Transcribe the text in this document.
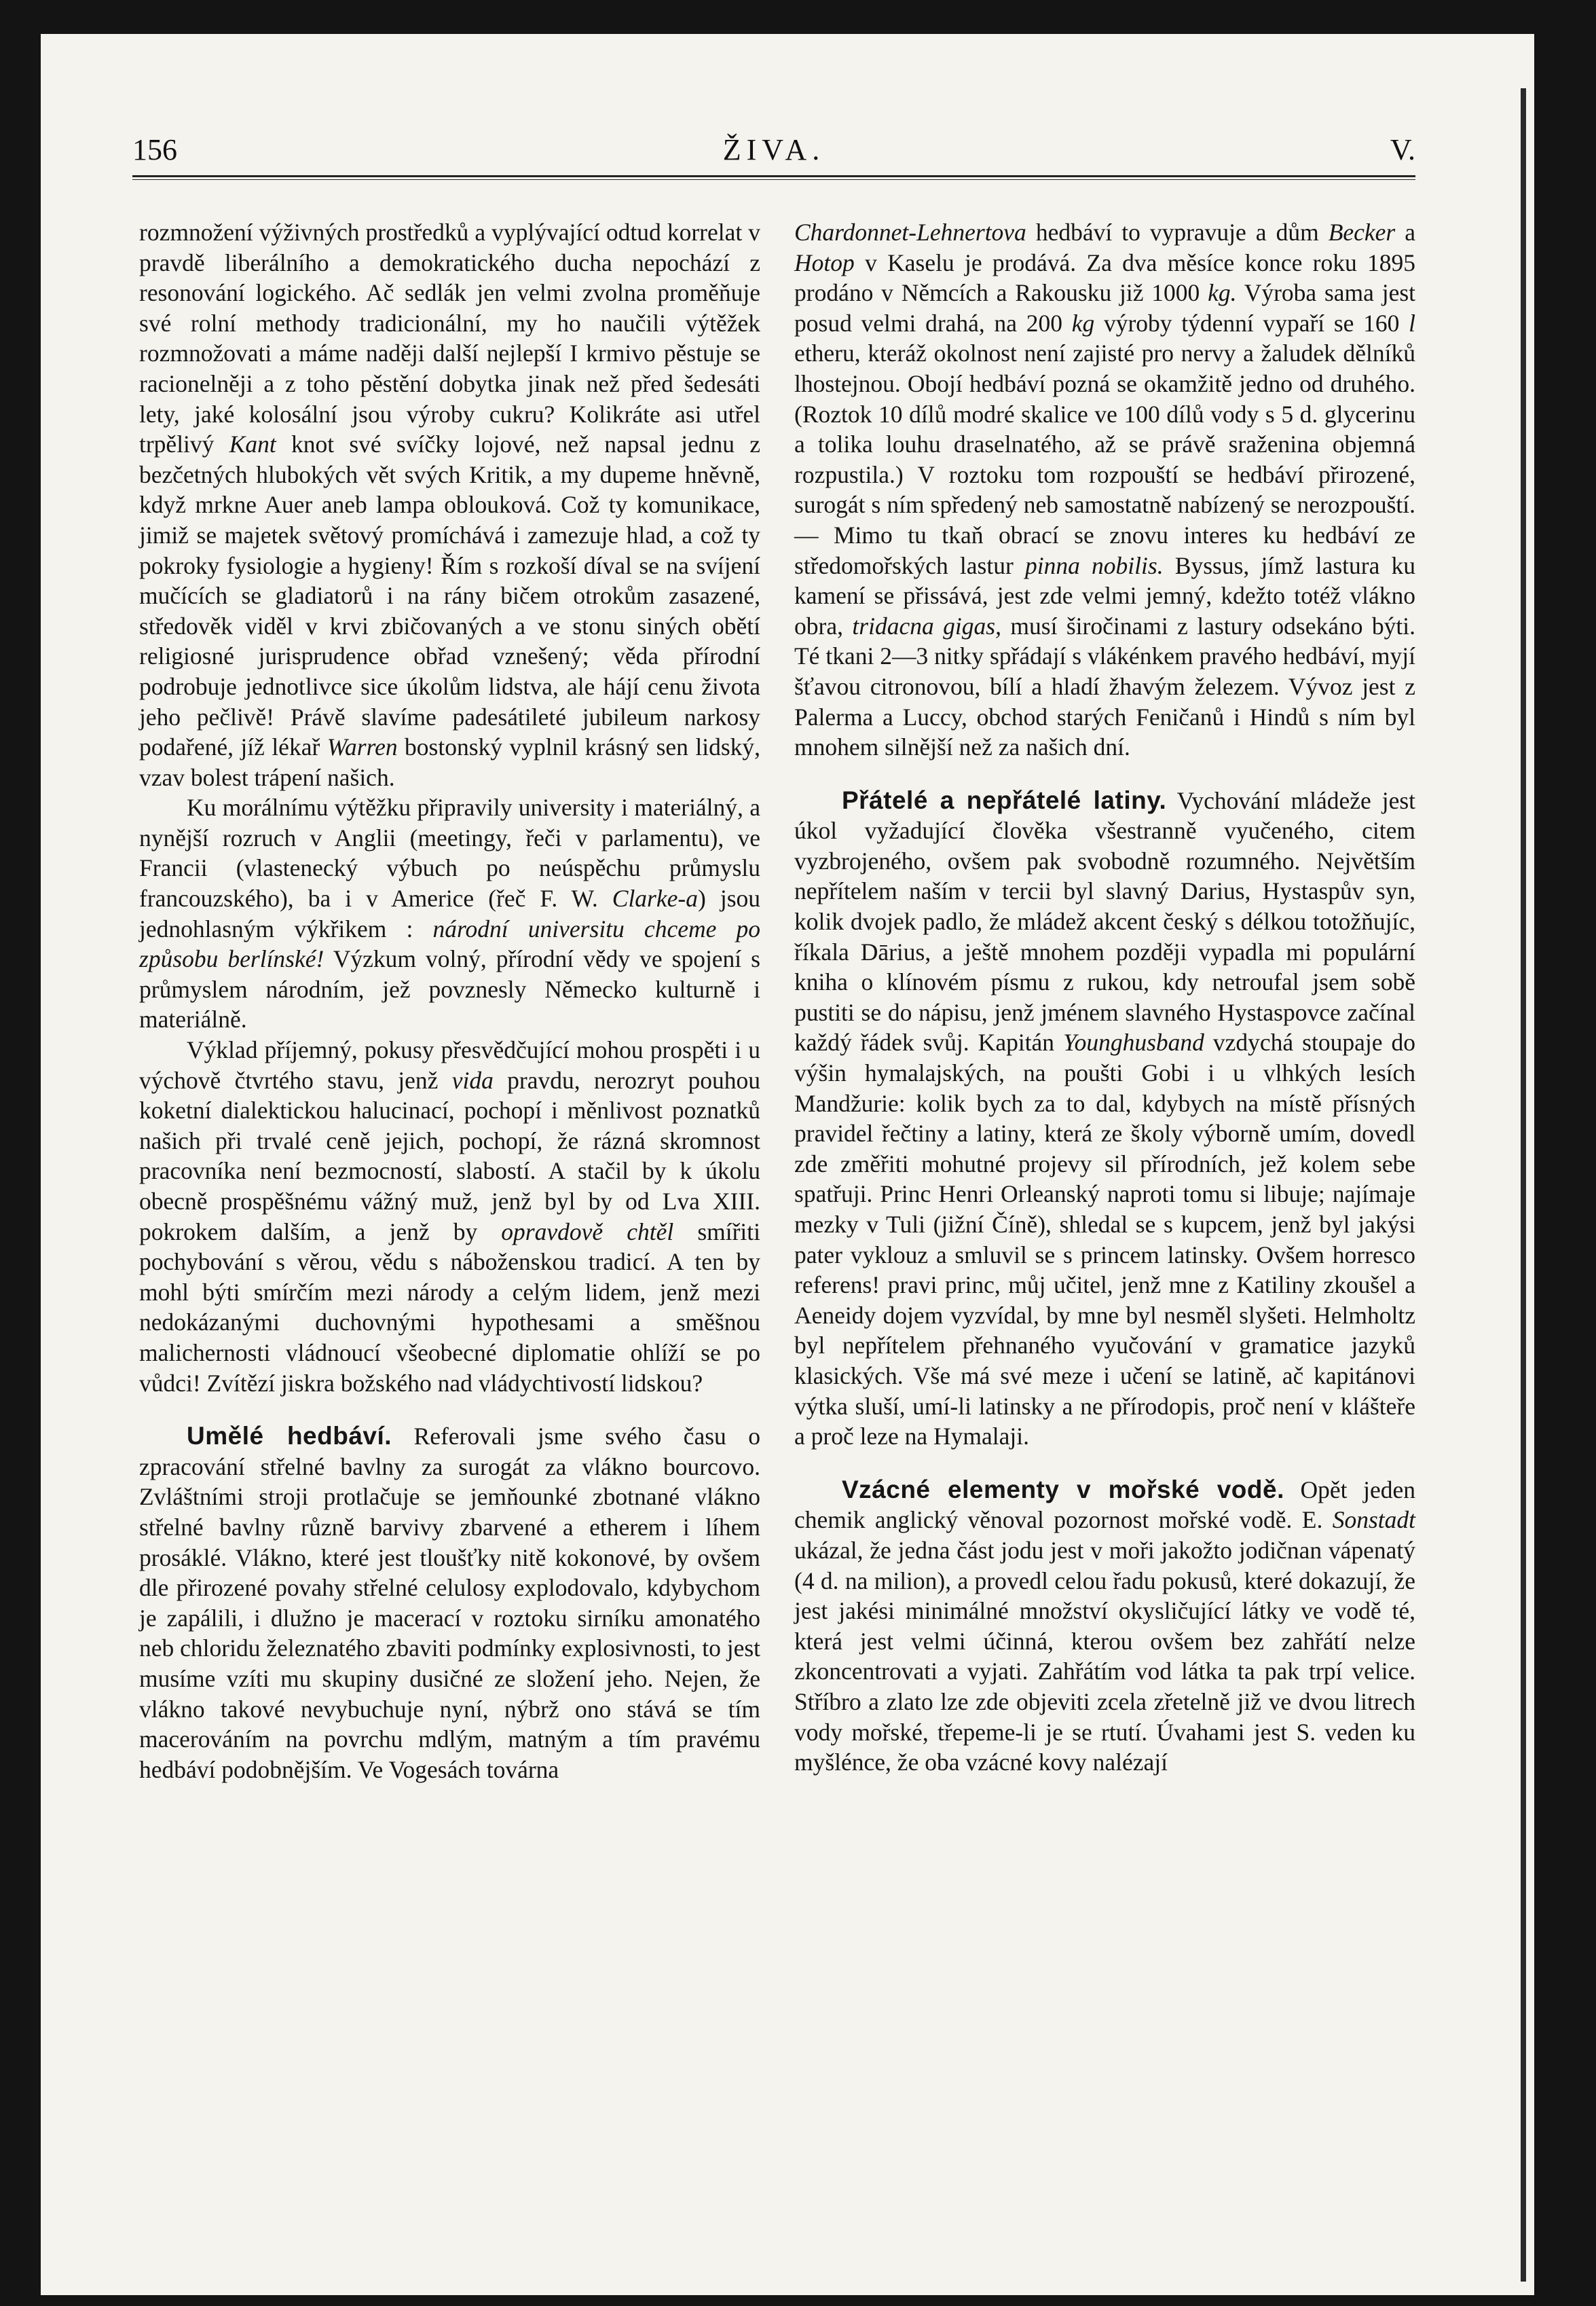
156	ŽIVA.	V.

rozmnožení výživných prostředků a vyplývající odtud korrelat v pravdě liberálního a demokratického ducha nepochází z resonování logického. Ač sedlák jen velmi zvolna proměňuje své rolní methody tradicionální, my ho naučili výtěžek rozmnožovati a máme naději další nejlepší I krmivo pěstuje se racionelněji a z toho pěstění dobytka jinak než před šedesáti lety, jaké kolosální jsou výroby cukru? Kolikráte asi utřel trpělivý Kant knot své svíčky lojové, než napsal jednu z bezčetných hlubokých vět svých Kritik, a my dupeme hněvně, když mrkne Auer aneb lampa oblouková. Což ty komunikace, jimiž se majetek světový promíchává i zamezuje hlad, a což ty pokroky fysiologie a hygieny! Řím s rozkoší díval se na svíjení mučících se gladiatorů i na rány bičem otrokům zasazené, středověk viděl v krvi zbičovaných a ve stonu siných obětí religiosné jurisprudence obřad vznešený; věda přírodní podrobuje jednotlivce sice úkolům lidstva, ale hájí cenu života jeho pečlivě! Právě slavíme padesátileté jubileum narkosy podařené, jíž lékař Warren bostonský vyplnil krásný sen lidský, vzav bolest trápení našich.

Ku morálnímu výtěžku připravily university i materiálný, a nynější rozruch v Anglii (meetingy, řeči v parlamentu), ve Francii (vlastenecký výbuch po neúspěchu průmyslu francouzského), ba i v Americe (řeč F. W. Clarke-a) jsou jednohlasným výkřikem : národní universitu chceme po způsobu berlínské! Výzkum volný, přírodní vědy ve spojení s průmyslem národním, jež povznesly Německo kulturně i materiálně.

Výklad příjemný, pokusy přesvědčující mohou prospěti i u výchově čtvrtého stavu, jenž vida pravdu, nerozryt pouhou koketní dialektickou halucinací, pochopí i měnlivost poznatků našich při trvalé ceně jejich, pochopí, že rázná skromnost pracovníka není bezmocností, slabostí. A stačil by k úkolu obecně prospěšnému vážný muž, jenž byl by od Lva XIII. pokrokem dalším, a jenž by opravdově chtěl smířiti pochybování s věrou, vědu s náboženskou tradicí. A ten by mohl býti smírčím mezi národy a celým lidem, jenž mezi nedokázanými duchovnými hypothesami a směšnou malichernosti vládnoucí všeobecné diplomatie ohlíží se po vůdci! Zvítězí jiskra božského nad vládychtivostí lidskou?

Umělé hedbáví. Referovali jsme svého času o zpracování střelné bavlny za surogát za vlákno bourcovo. Zvláštními stroji protlačuje se jemňounké zbotnané vlákno střelné bavlny různě barvivy zbarvené a etherem i líhem prosáklé. Vlákno, které jest tloušťky nitě kokonové, by ovšem dle přirozené povahy střelné celulosy explodovalo, kdybychom je zapálili, i dlužno je macerací v roztoku sirníku amonatého neb chloridu železnatého zbaviti podmínky explosivnosti, to jest musíme vzíti mu skupiny dusičné ze složení jeho. Nejen, že vlákno takové nevybuchuje nyní, nýbrž ono stává se tím macerováním na povrchu mdlým, matným a tím pravému hedbáví podobnějším. Ve Vogesách továrna

Chardonnet-Lehnertova hedbáví to vypravuje a dům Becker a Hotop v Kaselu je prodává. Za dva měsíce konce roku 1895 prodáno v Němcích a Rakousku již 1000 kg. Výroba sama jest posud velmi drahá, na 200 kg výroby týdenní vypaří se 160 l etheru, kteráž okolnost není zajisté pro nervy a žaludek dělníků lhostejnou. Obojí hedbáví pozná se okamžitě jedno od druhého. (Roztok 10 dílů modré skalice ve 100 dílů vody s 5 d. glycerinu a tolika louhu draselnatého, až se právě sraženina objemná rozpustila.) V roztoku tom rozpouští se hedbáví přirozené, surogát s ním spředený neb samostatně nabízený se nerozpouští. — Mimo tu tkaň obrací se znovu interes ku hedbáví ze středomořských lastur pinna nobilis. Byssus, jímž lastura ku kamení se přissává, jest zde velmi jemný, kdežto totéž vlákno obra, tridacna gigas, musí širočinami z lastury odsekáno býti. Té tkani 2—3 nitky spřádají s vlákénkem pravého hedbáví, myjí šťavou citronovou, bílí a hladí žhavým železem. Vývoz jest z Palerma a Luccy, obchod starých Feničanů i Hindů s ním byl mnohem silnější než za našich dní.

Přátelé a nepřátelé latiny. Vychování mládeže jest úkol vyžadující člověka všestranně vyučeného, citem vyzbrojeného, ovšem pak svobodně rozumného. Největším nepřítelem naším v tercii byl slavný Darius, Hystaspův syn, kolik dvojek padlo, že mládež akcent český s délkou totožňujíc, říkala Dārius, a ještě mnohem později vypadla mi populární kniha o klínovém písmu z rukou, kdy netroufal jsem sobě pustiti se do nápisu, jenž jménem slavného Hystaspovce začínal každý řádek svůj. Kapitán Younghusband vzdychá stoupaje do výšin hymalajských, na poušti Gobi i u vlhkých lesích Mandžurie: kolik bych za to dal, kdybych na místě přísných pravidel řečtiny a latiny, která ze školy výborně umím, dovedl zde změřiti mohutné projevy sil přírodních, jež kolem sebe spatřuji. Princ Henri Orleanský naproti tomu si libuje; najímaje mezky v Tuli (jižní Číně), shledal se s kupcem, jenž byl jakýsi pater vyklouz a smluvil se s princem latinsky. Ovšem horresco referens! pravi princ, můj učitel, jenž mne z Katiliny zkoušel a Aeneidy dojem vyzvídal, by mne byl nesměl slyšeti. Helmholtz byl nepřítelem přehnaného vyučování v gramatice jazyků klasických. Vše má své meze i učení se latině, ač kapitánovi výtka sluší, umí-li latinsky a ne přírodopis, proč není v klášteře a proč leze na Hymalaji.

Vzácné elementy v mořské vodě. Opět jeden chemik anglický věnoval pozornost mořské vodě. E. Sonstadt ukázal, že jedna část jodu jest v moři jakožto jodičnan vápenatý (4 d. na milion), a provedl celou řadu pokusů, které dokazují, že jest jakési minimálné množství okysličující látky ve vodě té, která jest velmi účinná, kterou ovšem bez zahřátí nelze zkoncentrovati a vyjati. Zahřátím vod látka ta pak trpí velice. Stříbro a zlato lze zde objeviti zcela zřetelně již ve dvou litrech vody mořské, třepeme-li je se rtutí. Úvahami jest S. veden ku myšlénce, že oba vzácné kovy nalézají
